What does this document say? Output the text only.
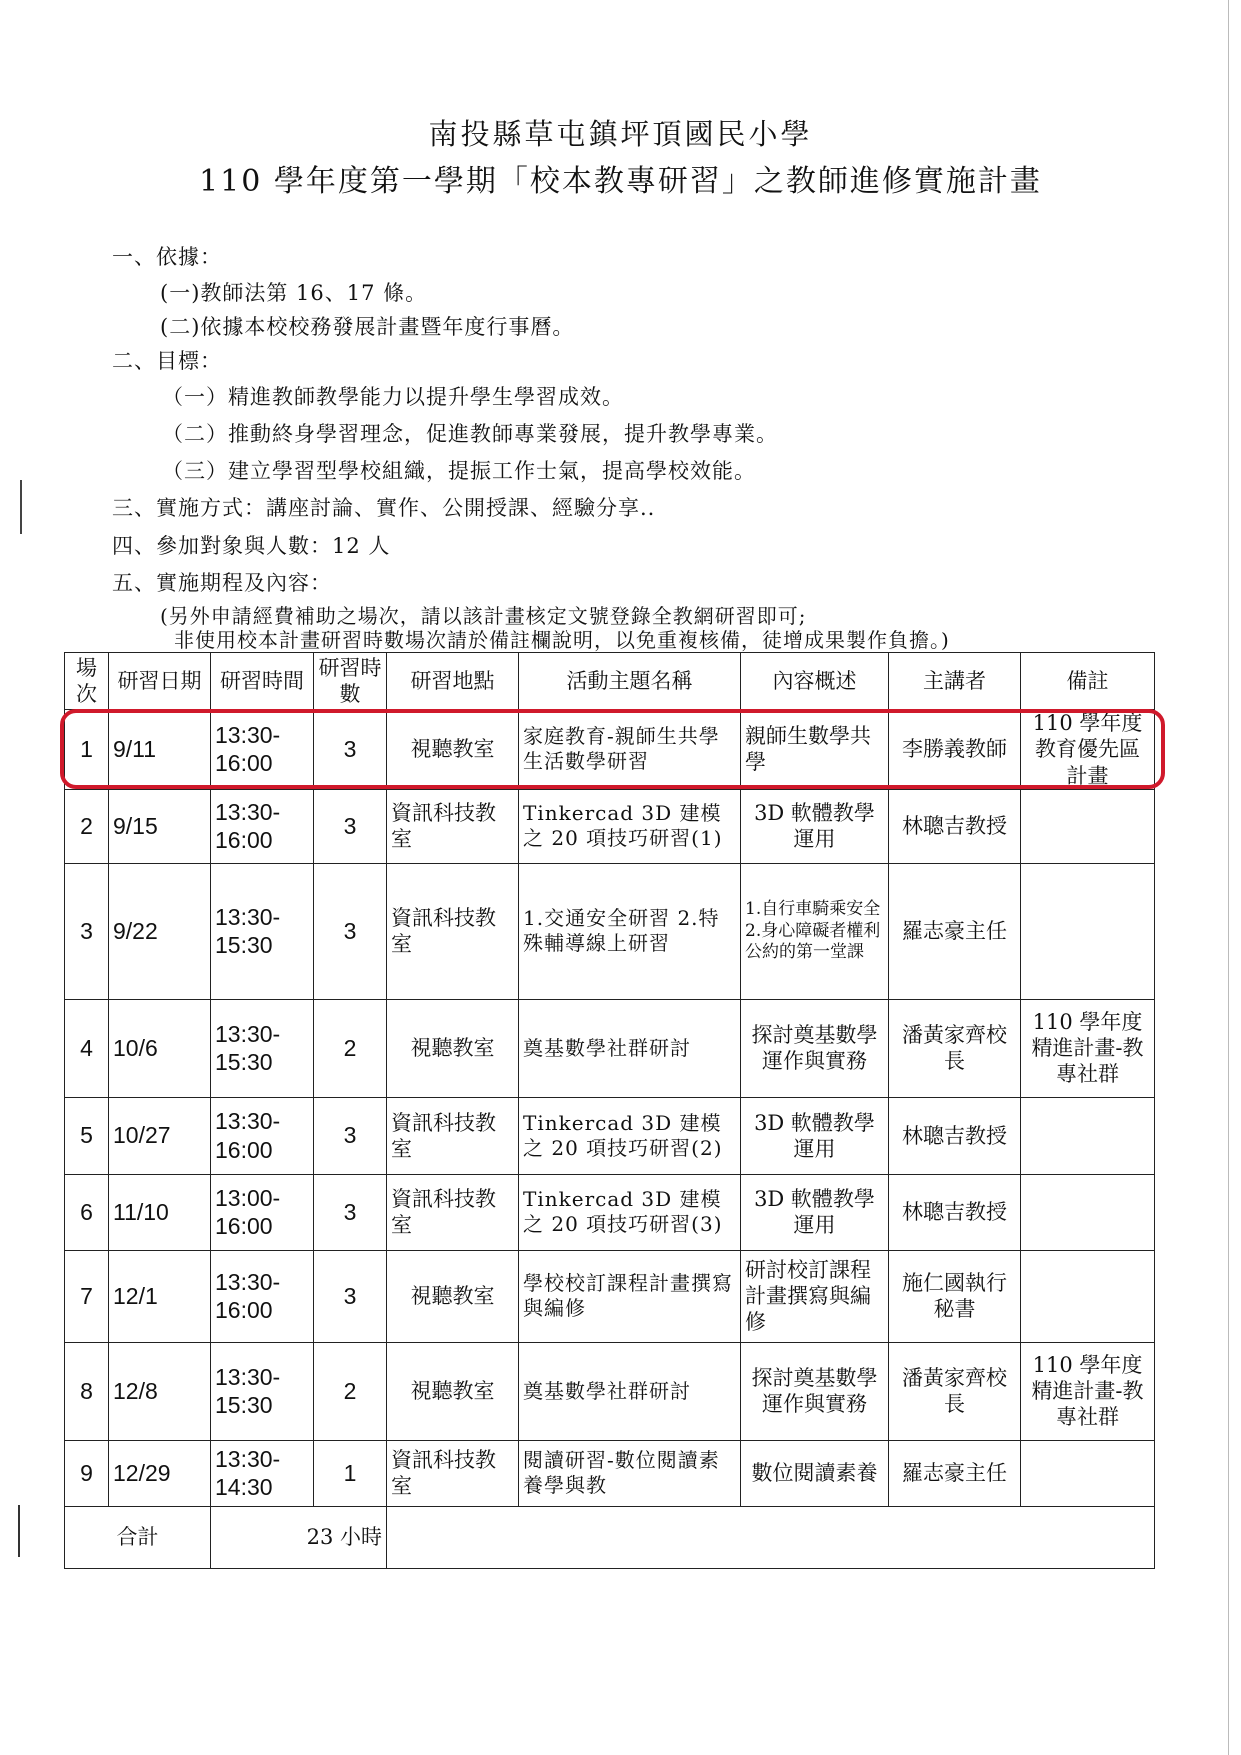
南投縣草屯鎮坪頂國民小學
110 學年度第一學期「校本教專研習」之教師進修實施計畫
一、依據：
(一)教師法第 16、17 條。
(二)依據本校校務發展計畫暨年度行事曆。
二、目標：
（一）精進教師教學能力以提升學生學習成效。
（二）推動終身學習理念，促進教師專業發展，提升教學專業。
（三）建立學習型學校組織，提振工作士氣，提高學校效能。
三、實施方式：講座討論、實作、公開授課、經驗分享..
四、參加對象與人數：12 人
五、實施期程及內容：
(另外申請經費補助之場次，請以該計畫核定文號登錄全教網研習即可;
非使用校本計畫研習時數場次請於備註欄說明，以免重複核備，徒增成果製作負擔。)
場次	研習日期	研習時間	研習時數	研習地點	活動主題名稱	內容概述	主講者	備註
1	9/11	13:30-16:00	3	視聽教室	家庭教育-親師生共學生活數學研習	親師生數學共學	李勝義教師	110 學年度教育優先區計畫
2	9/15	13:30-16:00	3	資訊科技教室	Tinkercad 3D 建模之 20 項技巧研習(1)	3D 軟體教學運用	林聰吉教授	
3	9/22	13:30-15:30	3	資訊科技教室	1.交通安全研習 2.特殊輔導線上研習	1.自行車騎乘安全 2.身心障礙者權利公約的第一堂課	羅志豪主任	
4	10/6	13:30-15:30	2	視聽教室	奠基數學社群研討	探討奠基數學運作與實務	潘黃家齊校長	110 學年度精進計畫-教專社群
5	10/27	13:30-16:00	3	資訊科技教室	Tinkercad 3D 建模之 20 項技巧研習(2)	3D 軟體教學運用	林聰吉教授	
6	11/10	13:00-16:00	3	資訊科技教室	Tinkercad 3D 建模之 20 項技巧研習(3)	3D 軟體教學運用	林聰吉教授	
7	12/1	13:30-16:00	3	視聽教室	學校校訂課程計畫撰寫與編修	研討校訂課程計畫撰寫與編修	施仁國執行秘書	
8	12/8	13:30-15:30	2	視聽教室	奠基數學社群研討	探討奠基數學運作與實務	潘黃家齊校長	110 學年度精進計畫-教專社群
9	12/29	13:30-14:30	1	資訊科技教室	閱讀研習-數位閱讀素養學與教	數位閱讀素養	羅志豪主任	
合計		23 小時						
